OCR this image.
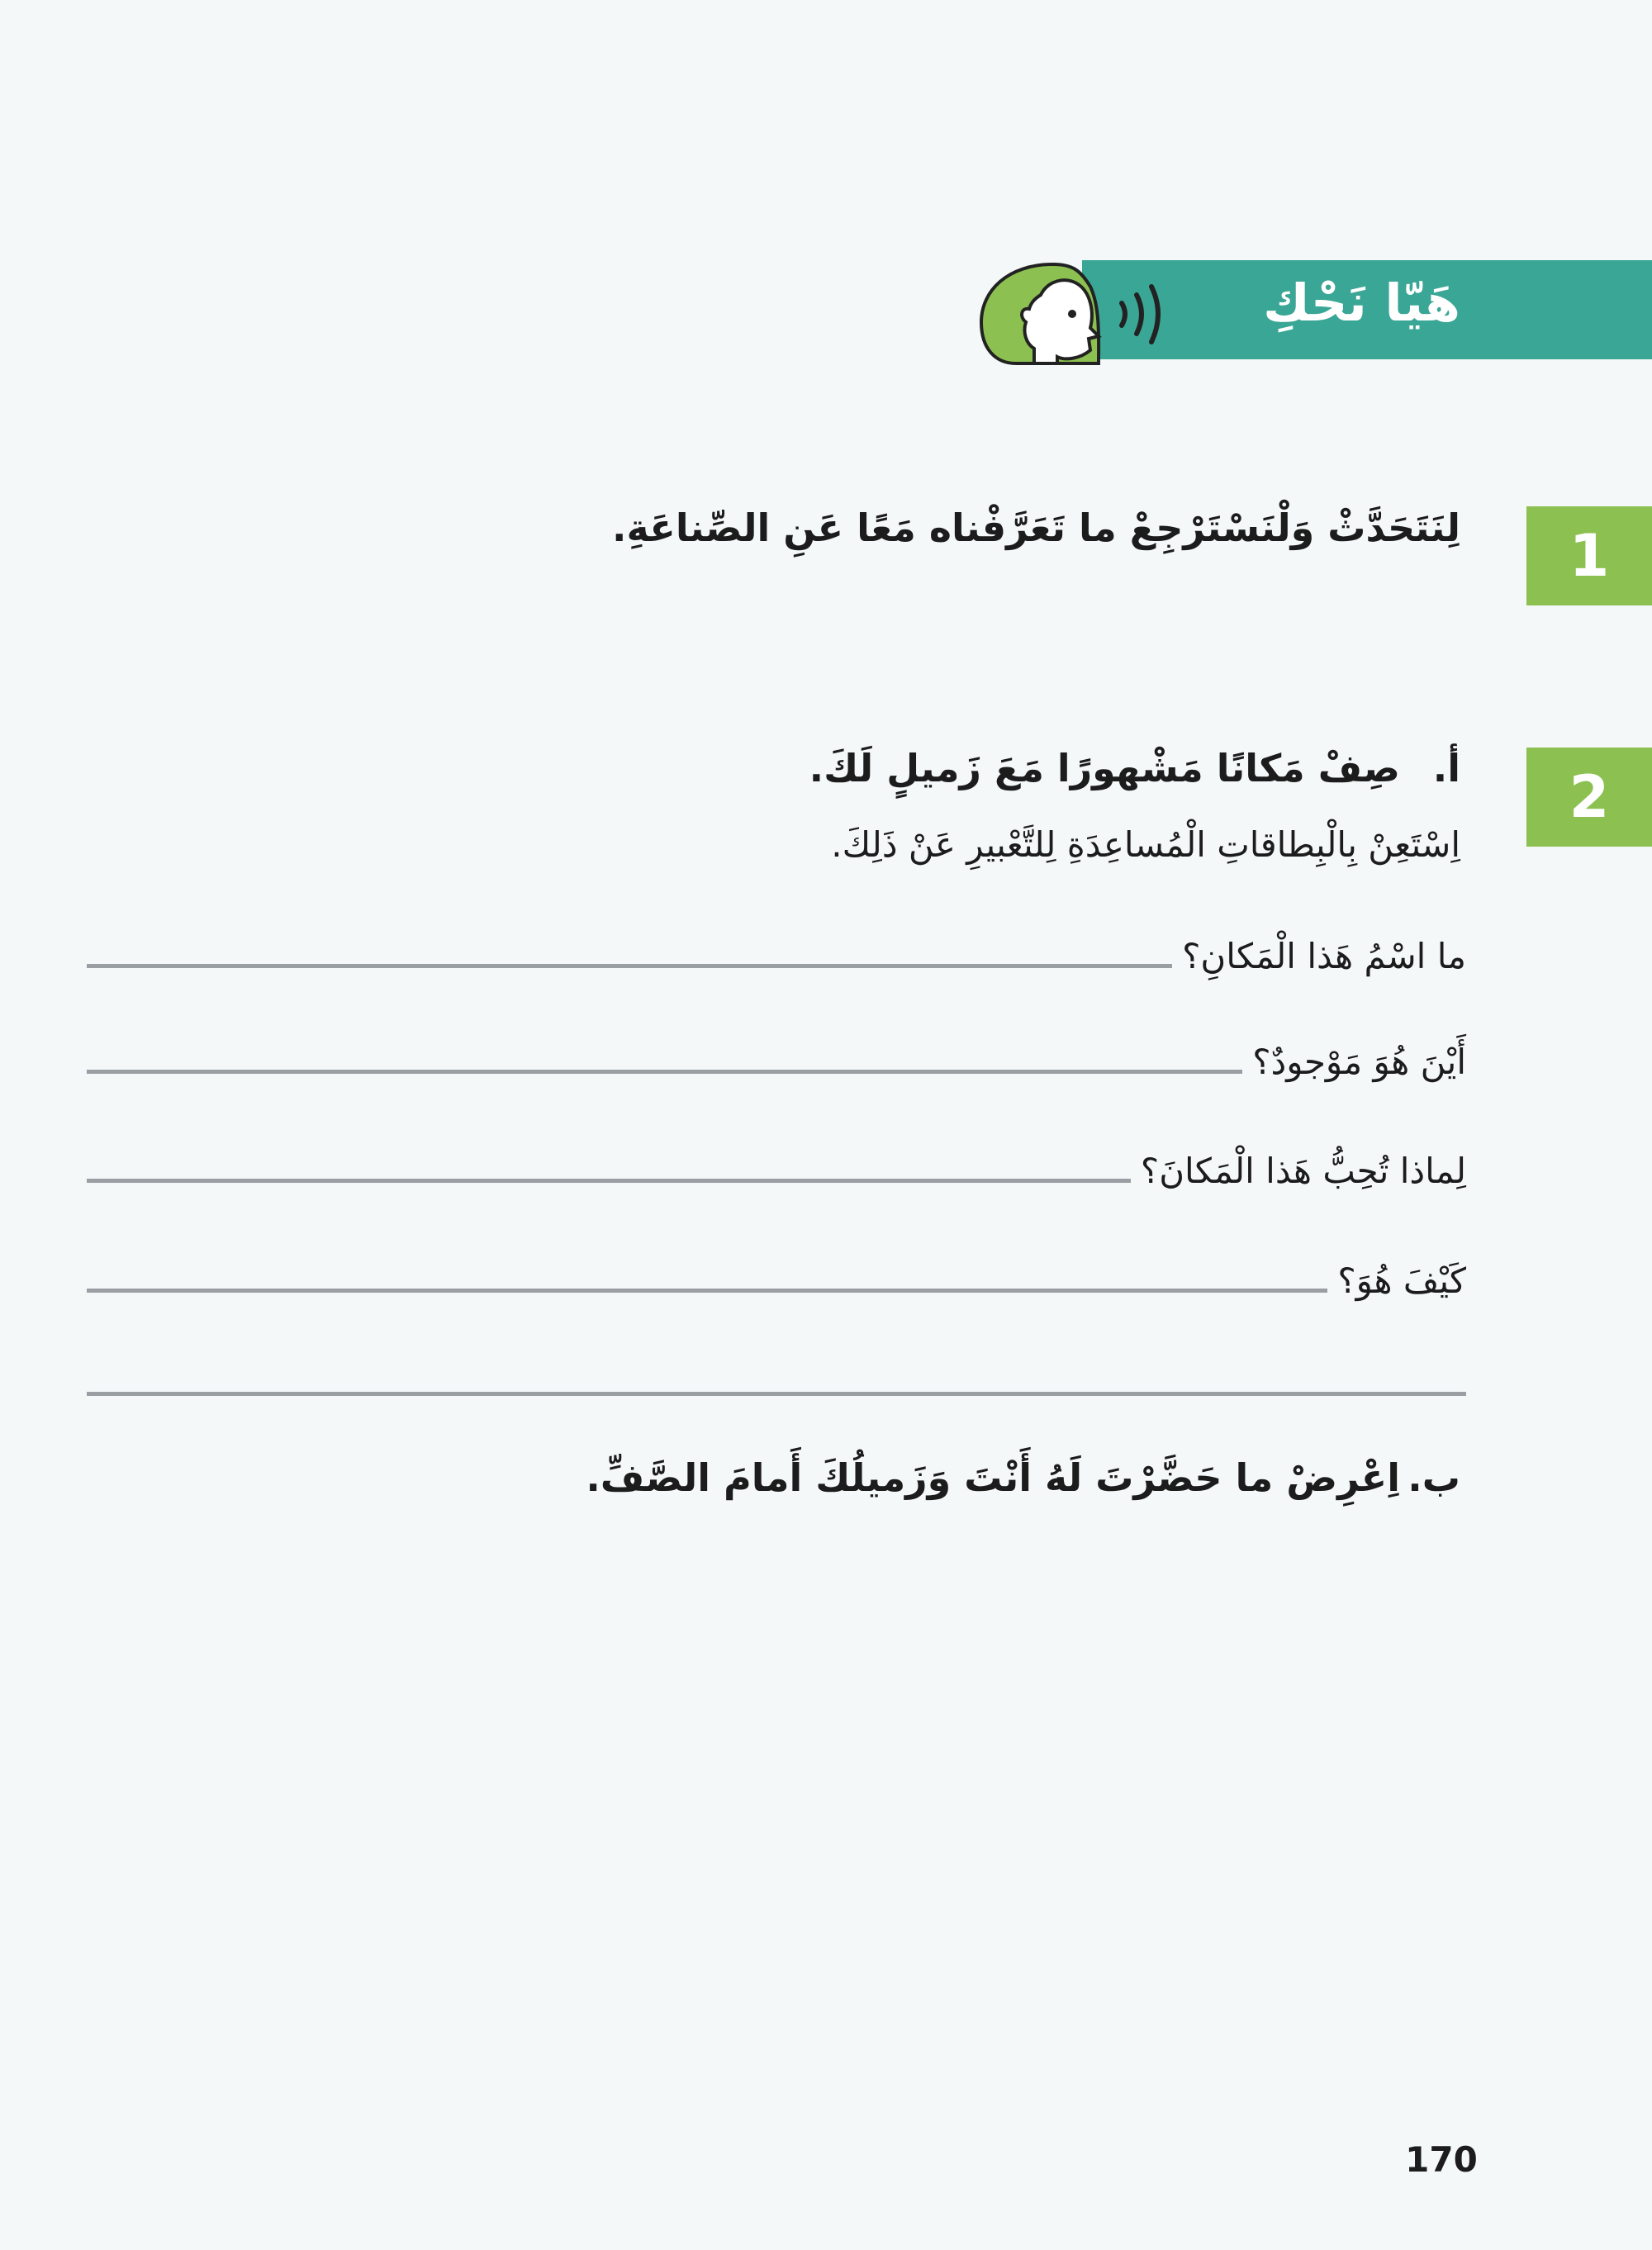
هَيّا نَحْكِ
1
لِنَتَحَدَّثْ وَلْنَسْتَرْجِعْ ما تَعَرَّفْناه مَعًا عَنِ الصِّناعَةِ.
2
أ.
صِفْ مَكانًا مَشْهورًا مَعَ زَميلٍ لَكَ.
اِسْتَعِنْ بِالْبِطاقاتِ الْمُساعِدَةِ لِلتَّعْبيرِ عَنْ ذَلِكَ.
ما اسْمُ هَذا الْمَكانِ؟
أَيْنَ هُوَ مَوْجودٌ؟
لِماذا تُحِبُّ هَذا الْمَكانَ؟
كَيْفَ هُوَ؟
ب.
اِعْرِضْ ما حَضَّرْتَ لَهُ أَنْتَ وَزَميلُكَ أَمامَ الصَّفِّ.
170
